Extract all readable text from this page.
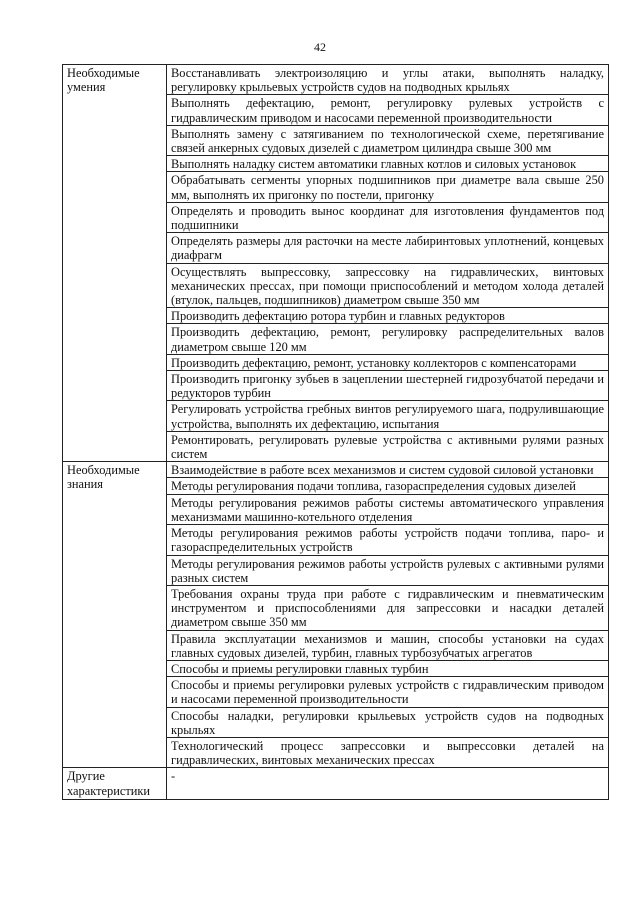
42
Необходимые умения	Восстанавливать электроизоляцию и углы атаки, выполнять наладку, регулировку крыльевых устройств судов на подводных крыльях
	Выполнять дефектацию, ремонт, регулировку рулевых устройств с гидравлическим приводом и насосами переменной производительности
	Выполнять замену с затягиванием по технологической схеме, перетягивание связей анкерных судовых дизелей с диаметром цилиндра свыше 300 мм
	Выполнять наладку систем автоматики главных котлов и силовых установок
	Обрабатывать сегменты упорных подшипников при диаметре вала свыше 250 мм, выполнять их пригонку по постели, пригонку
	Определять и проводить вынос координат для изготовления фундаментов под подшипники
	Определять размеры для расточки на месте лабиринтовых уплотнений, концевых диафрагм
	Осуществлять выпрессовку, запрессовку на гидравлических, винтовых механических прессах, при помощи приспособлений и методом холода деталей (втулок, пальцев, подшипников) диаметром свыше 350 мм
	Производить дефектацию ротора турбин и главных редукторов
	Производить дефектацию, ремонт, регулировку распределительных валов диаметром свыше 120 мм
	Производить дефектацию, ремонт, установку коллекторов с компенсаторами
	Производить пригонку зубьев в зацеплении шестерней гидрозубчатой передачи и редукторов турбин
	Регулировать устройства гребных винтов регулируемого шага, подрулившающие устройства, выполнять их дефектацию, испытания
	Ремонтировать, регулировать рулевые устройства с активными рулями разных систем
Необходимые знания	Взаимодействие в работе всех механизмов и систем судовой силовой установки
	Методы регулирования подачи топлива, газораспределения судовых дизелей
	Методы регулирования режимов работы системы автоматического управления механизмами машинно-котельного отделения
	Методы регулирования режимов работы устройств подачи топлива, паро- и газораспределительных устройств
	Методы регулирования режимов работы устройств рулевых с активными рулями разных систем
	Требования охраны труда при работе с гидравлическим и пневматическим инструментом и приспособлениями для запрессовки и насадки деталей диаметром свыше 350 мм
	Правила эксплуатации механизмов и машин, способы установки на судах главных судовых дизелей, турбин, главных турбозубчатых агрегатов
	Способы и приемы регулировки главных турбин
	Способы и приемы регулировки рулевых устройств с гидравлическим приводом и насосами переменной производительности
	Способы наладки, регулировки крыльевых устройств судов на подводных крыльях
	Технологический процесс запрессовки и выпрессовки деталей на гидравлических, винтовых механических прессах
Другие характеристики	-
